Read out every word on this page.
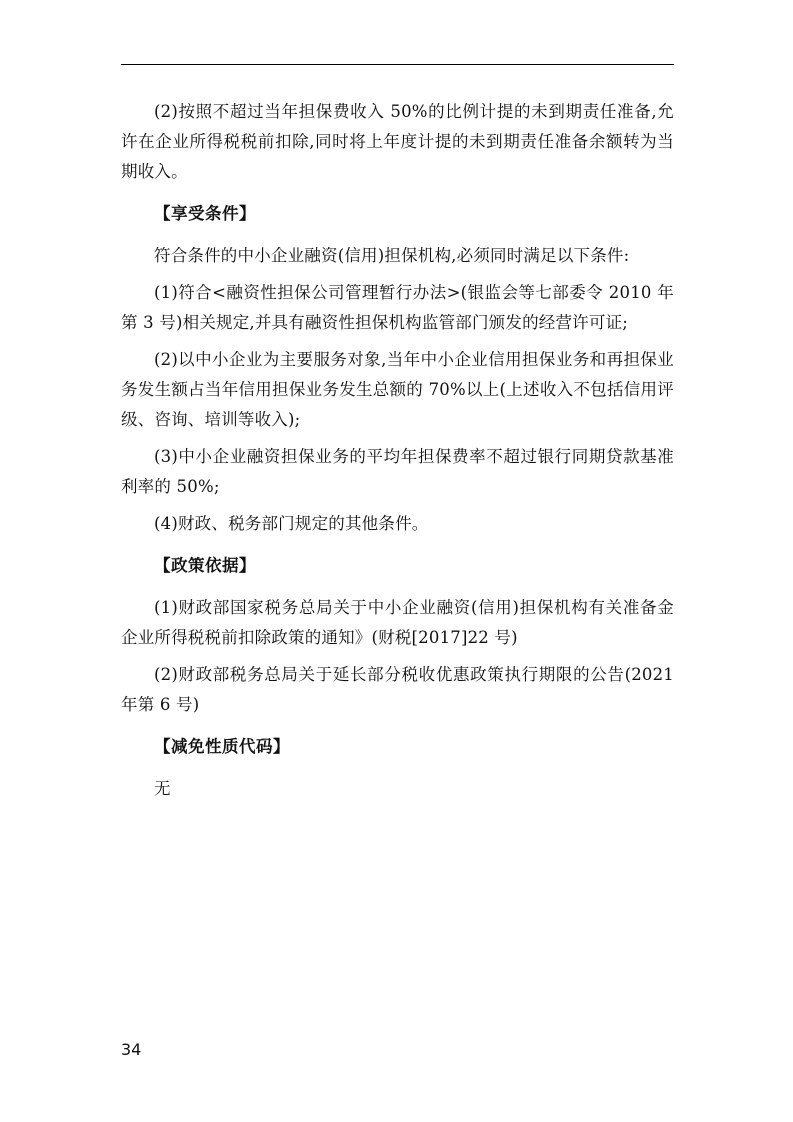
(2)按照不超过当年担保费收入 50%的比例计提的未到期责任准备,允许在企业所得税税前扣除,同时将上年度计提的未到期责任准备余额转为当期收入。

【享受条件】

符合条件的中小企业融资(信用)担保机构,必须同时满足以下条件:

(1)符合<融资性担保公司管理暂行办法>(银监会等七部委令 2010 年第 3 号)相关规定,并具有融资性担保机构监管部门颁发的经营许可证;

(2)以中小企业为主要服务对象,当年中小企业信用担保业务和再担保业务发生额占当年信用担保业务发生总额的 70%以上(上述收入不包括信用评级、咨询、培训等收入);

(3)中小企业融资担保业务的平均年担保费率不超过银行同期贷款基准利率的 50%;

(4)财政、税务部门规定的其他条件。

【政策依据】

(1)财政部国家税务总局关于中小企业融资(信用)担保机构有关准备金企业所得税税前扣除政策的通知》(财税[2017]22 号)

(2)财政部税务总局关于延长部分税收优惠政策执行期限的公告(2021 年第 6 号)

【减免性质代码】

无

34
